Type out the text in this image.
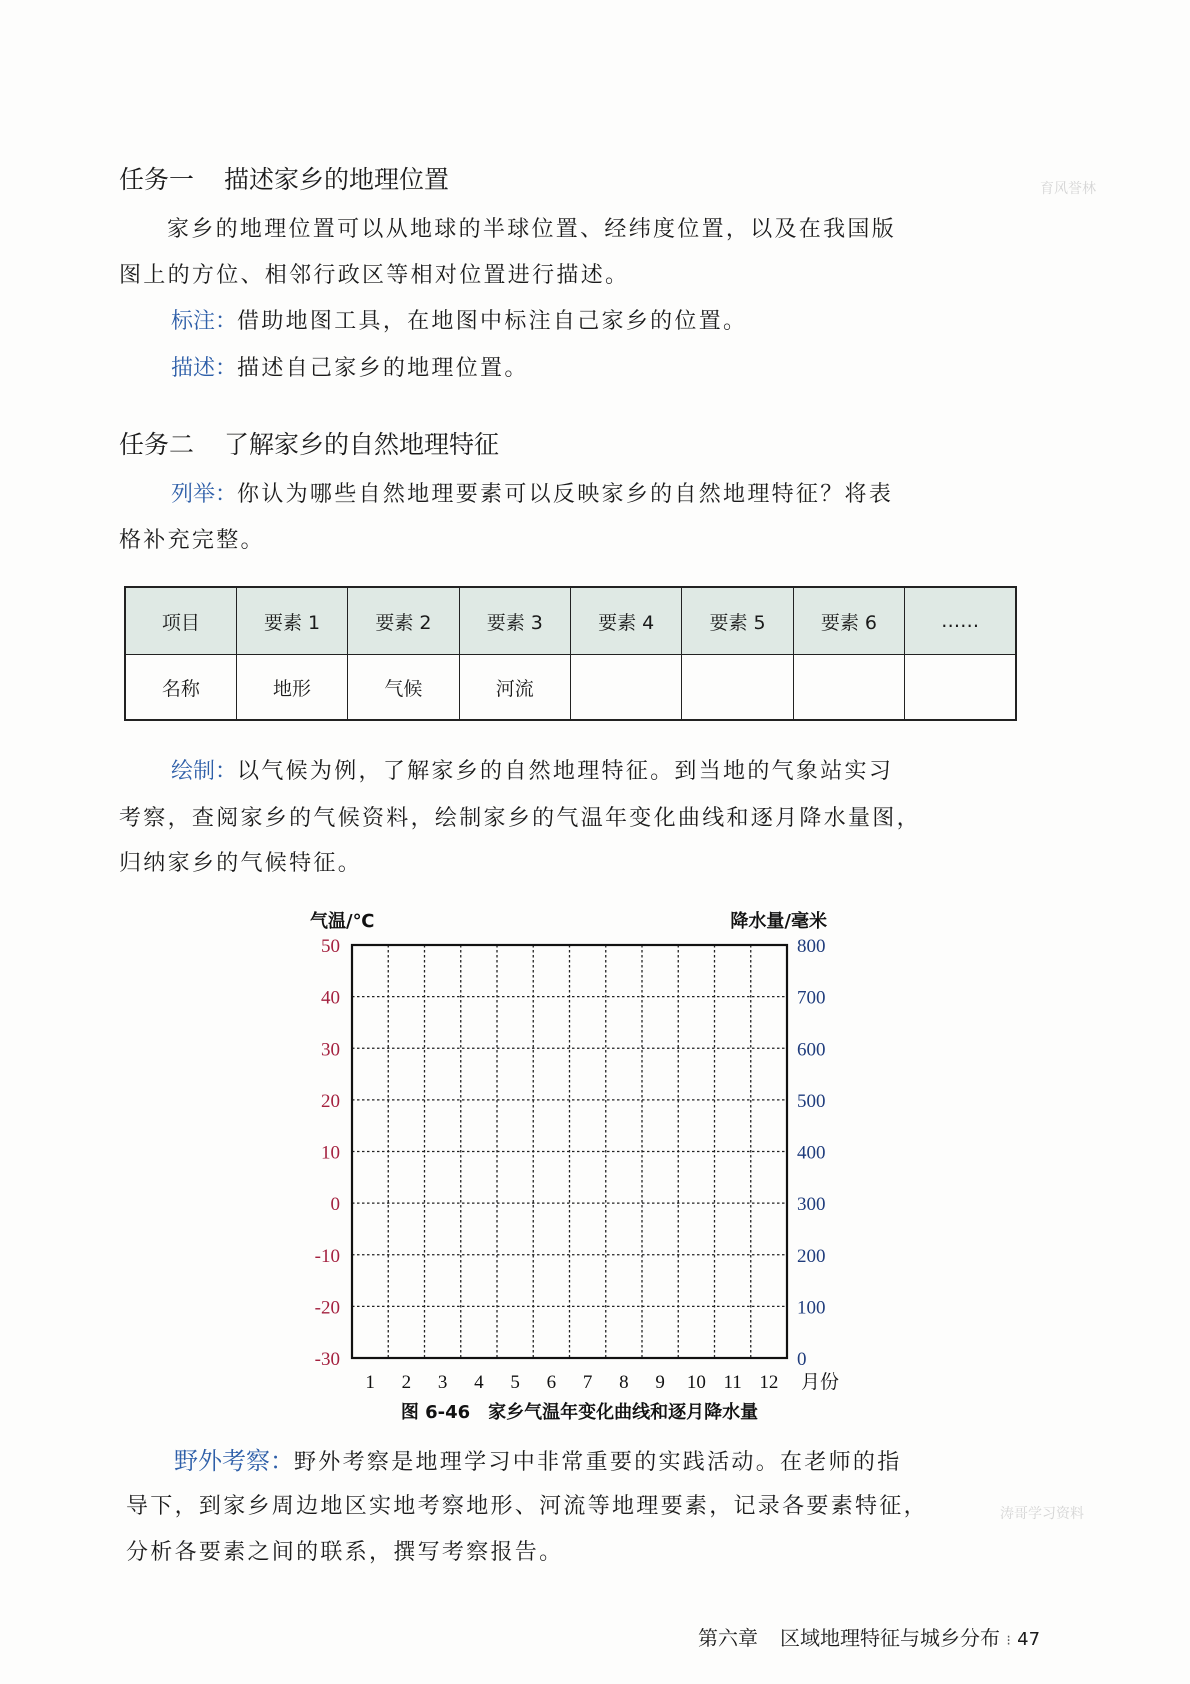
育风誉林
涛哥学习资料
任务一 描述家乡的地理位置
家乡的地理位置可以从地球的半球位置、经纬度位置，以及在我国版
图上的方位、相邻行政区等相对位置进行描述。
标注：借助地图工具，在地图中标注自己家乡的位置。
描述：描述自己家乡的地理位置。
任务二 了解家乡的自然地理特征
列举：你认为哪些自然地理要素可以反映家乡的自然地理特征？将表
格补充完整。
项目	要素 1	要素 2	要素 3	要素 4	要素 5	要素 6	……
名称	地形	气候	河流				
绘制：以气候为例，了解家乡的自然地理特征。到当地的气象站实习
考察，查阅家乡的气候资料，绘制家乡的气温年变化曲线和逐月降水量图，
归纳家乡的气候特征。
50
40
30
20
10
0
-10
-20
-30
800
700
600
500
400
300
200
100
0
1 2 3 4 5 6 7 8 9 10 11 12 月份
气温/℃	降水量/毫米
图 6-46　家乡气温年变化曲线和逐月降水量
野外考察：野外考察是地理学习中非常重要的实践活动。在老师的指
导下，到家乡周边地区实地考察地形、河流等地理要素，记录各要素特征，
分析各要素之间的联系，撰写考察报告。
第六章 区域地理特征与城乡分布 ⁝ 47
